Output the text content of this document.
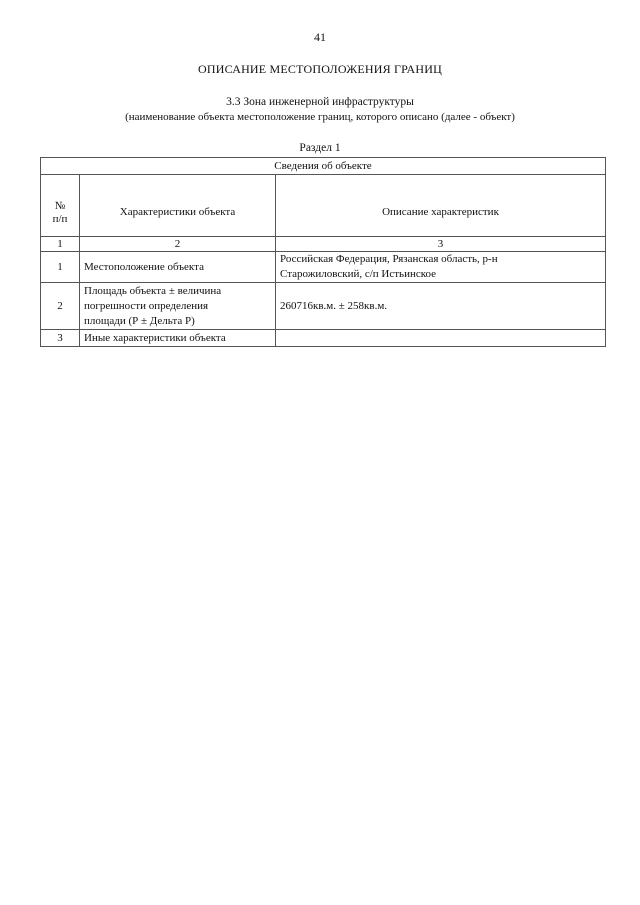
41
ОПИСАНИЕ МЕСТОПОЛОЖЕНИЯ ГРАНИЦ
3.3 Зона инженерной инфраструктуры
(наименование объекта местоположение границ, которого описано (далее - объект)
Раздел 1
Сведения об объекте		
№
п/п	Характеристики объекта	Описание характеристик
1	2	3
1	Местоположение объекта	Российская Федерация, Рязанская область, р-н
Старожиловский, с/п Истьинское
2	Площадь объекта ± величина
погрешности определения
площади (Р ± Дельта Р)	260716кв.м. ± 258кв.м.
3	Иные характеристики объекта	
